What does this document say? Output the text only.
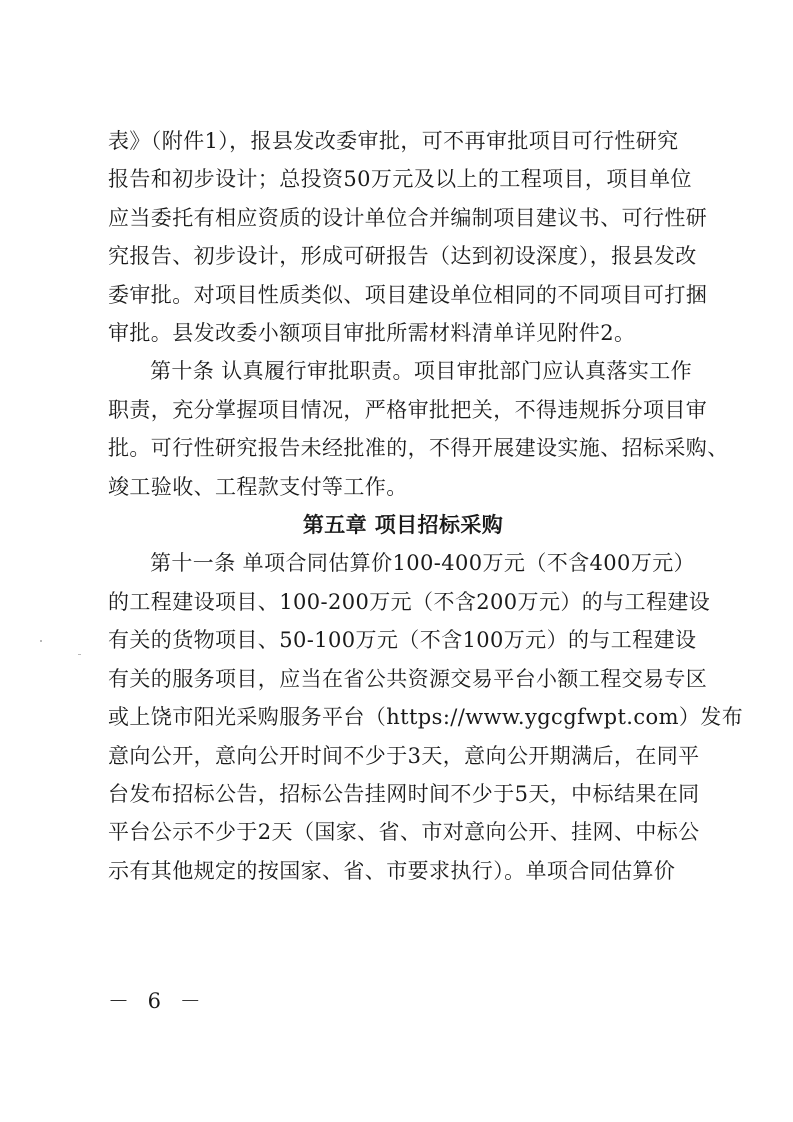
表》（附件1），报县发改委审批，可不再审批项目可行性研究
报告和初步设计；总投资50万元及以上的工程项目，项目单位
应当委托有相应资质的设计单位合并编制项目建议书、可行性研
究报告、初步设计，形成可研报告（达到初设深度），报县发改
委审批。对项目性质类似、项目建设单位相同的不同项目可打捆
审批。县发改委小额项目审批所需材料清单详见附件2。
第十条 认真履行审批职责。项目审批部门应认真落实工作
职责，充分掌握项目情况，严格审批把关，不得违规拆分项目审
批。可行性研究报告未经批准的，不得开展建设实施、招标采购、
竣工验收、工程款支付等工作。
第五章 项目招标采购
第十一条 单项合同估算价100-400万元（不含400万元）
的工程建设项目、100-200万元（不含200万元）的与工程建设
有关的货物项目、50-100万元（不含100万元）的与工程建设
有关的服务项目，应当在省公共资源交易平台小额工程交易专区
或上饶市阳光采购服务平台（https://www.ygcgfwpt.com）发布
意向公开，意向公开时间不少于3天，意向公开期满后，在同平
台发布招标公告，招标公告挂网时间不少于5天，中标结果在同
平台公示不少于2天（国家、省、市对意向公开、挂网、中标公
示有其他规定的按国家、省、市要求执行）。单项合同估算价
－ 6 －
